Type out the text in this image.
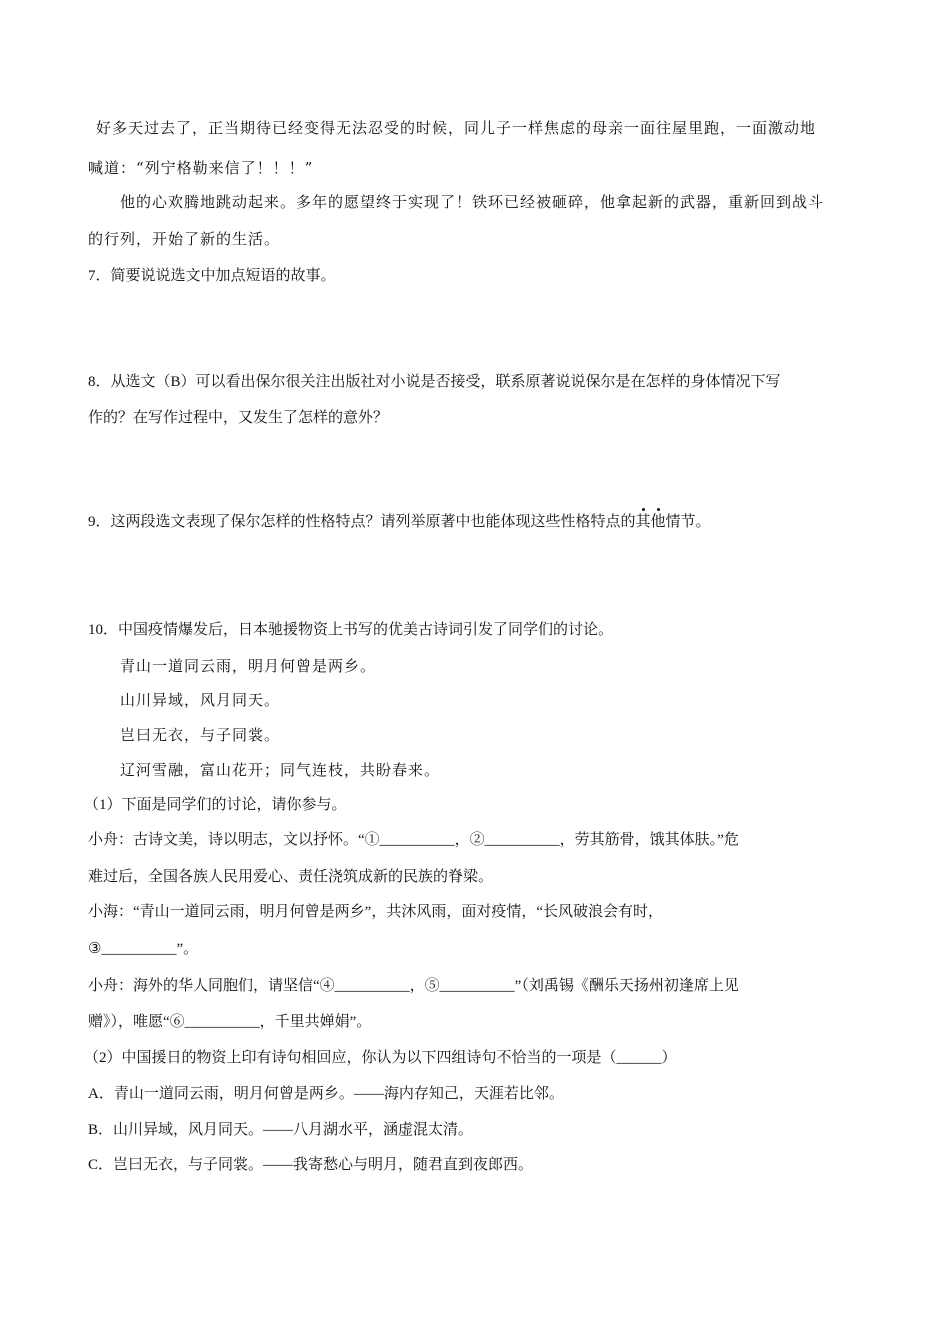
好多天过去了，正当期待已经变得无法忍受的时候，同儿子一样焦虑的母亲一面往屋里跑，一面激动地
喊道：“列宁格勒来信了！！！”
他的心欢腾地跳动起来。多年的愿望终于实现了！铁环已经被砸碎，他拿起新的武器，重新回到战斗
的行列，开始了新的生活。
7．简要说说选文中加点短语的故事。
8．从选文（B）可以看出保尔很关注出版社对小说是否接受，联系原著说说保尔是在怎样的身体情况下写
作的？在写作过程中，又发生了怎样的意外？
9．这两段选文表现了保尔怎样的性格特点？请列举原著中也能体现这些性格特点的其他情节。
10．中国疫情爆发后，日本驰援物资上书写的优美古诗词引发了同学们的讨论。
青山一道同云雨，明月何曾是两乡。
山川异域，风月同天。
岂曰无衣，与子同裳。
辽河雪融，富山花开；同气连枝，共盼春来。
（1）下面是同学们的讨论，请你参与。
小舟：古诗文美，诗以明志，文以抒怀。“①__________，②__________，劳其筋骨，饿其体肤。”危
难过后，全国各族人民用爱心、责任浇筑成新的民族的脊梁。
小海：“青山一道同云雨，明月何曾是两乡”，共沐风雨，面对疫情，“长风破浪会有时，
③__________”。
小舟：海外的华人同胞们，请坚信“④__________，⑤__________”（刘禹锡《酬乐天扬州初逢席上见
赠》），唯愿“⑥__________，千里共婵娟”。
（2）中国援日的物资上印有诗句相回应，你认为以下四组诗句不恰当的一项是（______）
A．青山一道同云雨，明月何曾是两乡。——海内存知己，天涯若比邻。
B．山川异域，风月同天。——八月湖水平，涵虚混太清。
C．岂曰无衣，与子同裳。——我寄愁心与明月，随君直到夜郎西。
